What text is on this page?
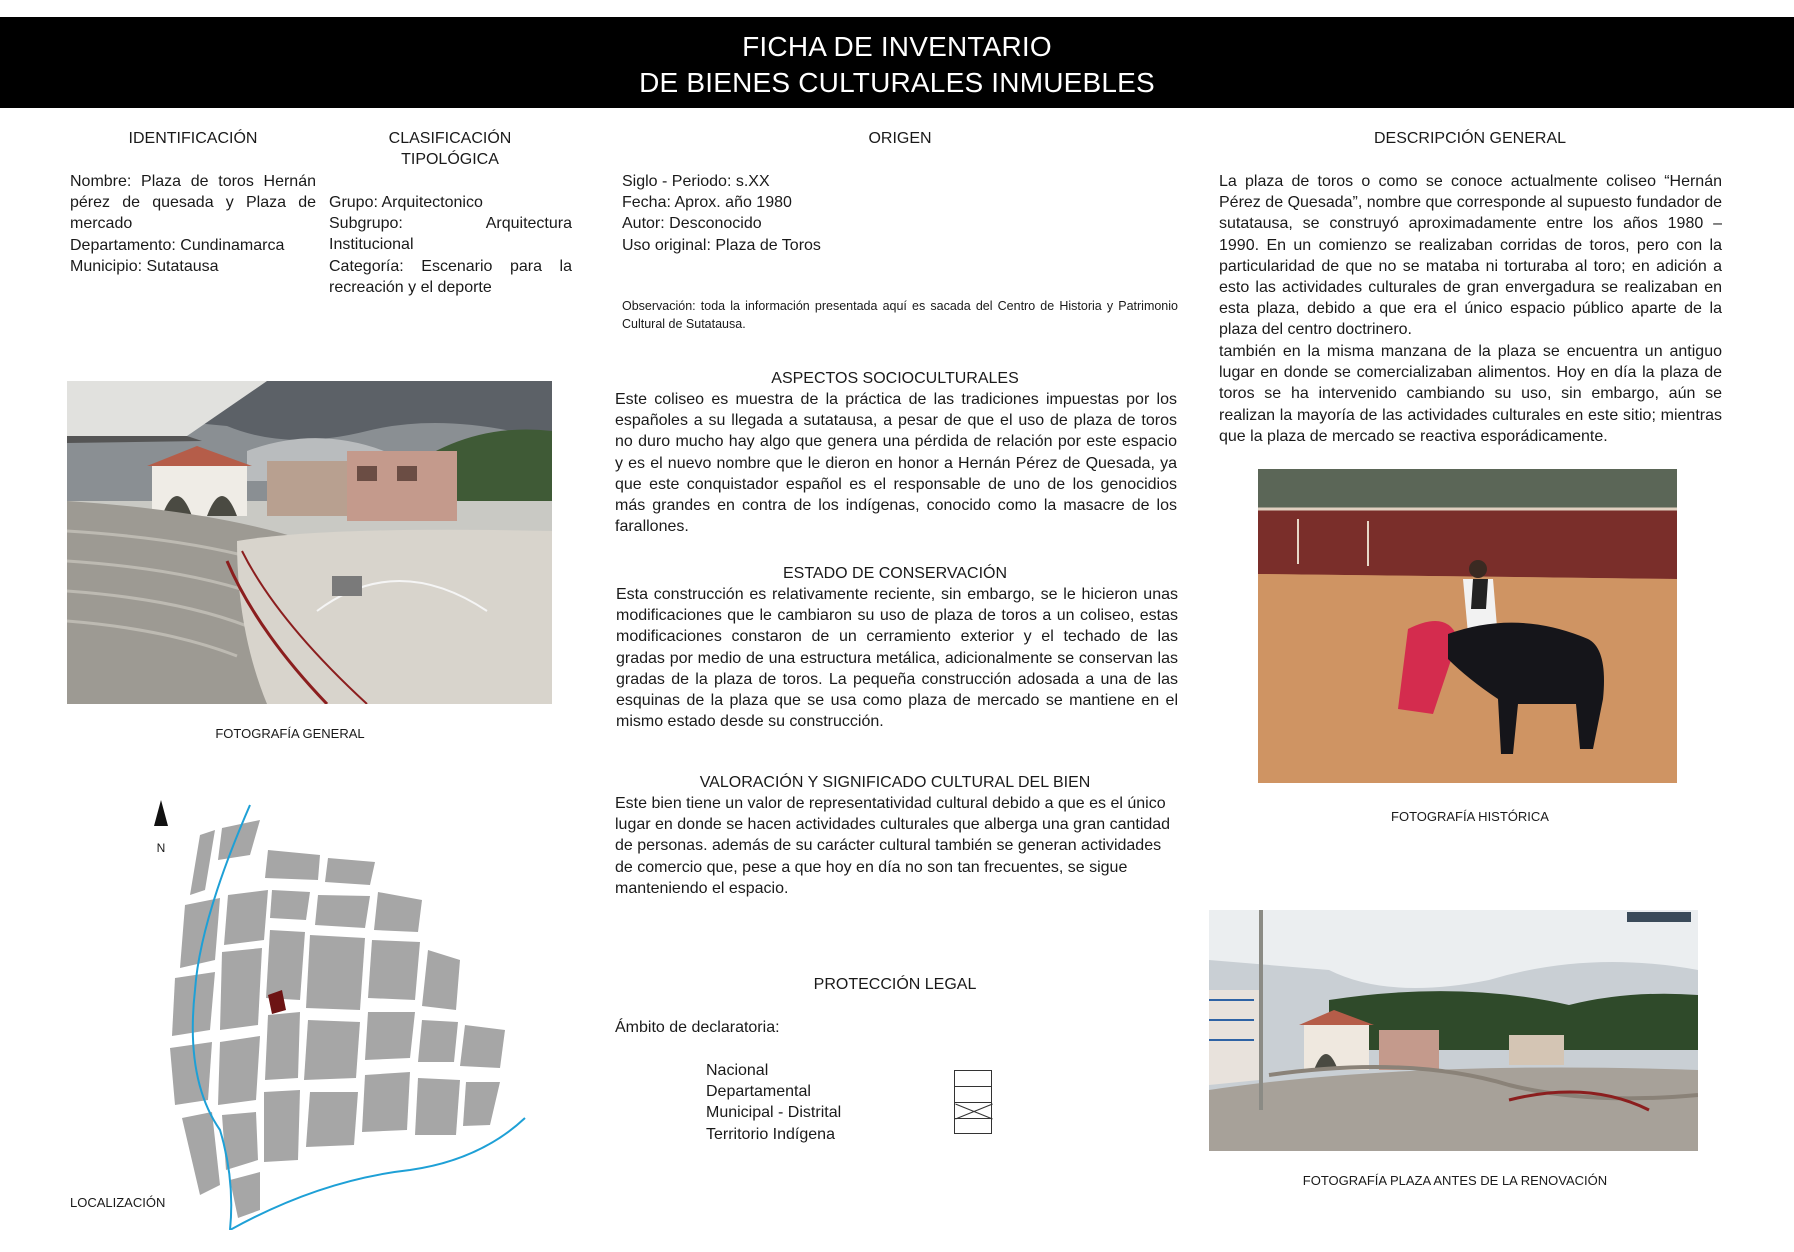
FICHA DE INVENTARIO
DE BIENES CULTURALES INMUEBLES
IDENTIFICACIÓN
Nombre: Plaza de toros Hernán pérez de quesada y Plaza de mercado
Departamento: Cundinamarca
Municipio: Sutatausa
CLASIFICACIÓN
TIPOLÓGICA
Grupo: Arquitectonico
Subgrupo: Arquitectura Institucional
Categoría: Escenario para la recreación y el deporte
ORIGEN
Siglo - Periodo: s.XX
Fecha: Aprox. año 1980
Autor: Desconocido
Uso original: Plaza de Toros
Observación: toda la información presentada aquí es sacada del Centro de Historia y Patrimonio Cultural de Sutatausa.
ASPECTOS SOCIOCULTURALES
Este coliseo es muestra de la práctica de las tradiciones impuestas por los españoles a su llegada a sutatausa, a pesar de que el uso de plaza de toros no duro mucho hay algo que genera una pérdida de relación por este espacio y es el nuevo nombre que le dieron en honor a Hernán Pérez de Quesada, ya que este conquistador español es el responsable de uno de los genocidios más grandes en contra de los indígenas, conocido como la masacre de los farallones.
ESTADO DE CONSERVACIÓN
Esta construcción es relativamente reciente, sin embargo, se le hicieron unas modificaciones que le cambiaron su uso de plaza de toros a un coliseo, estas modificaciones constaron de un cerramiento exterior y el techado de las gradas por medio de una estructura metálica, adicionalmente se conservan las gradas de la plaza de toros. La pequeña construcción adosada a una de las esquinas de la plaza que se usa como plaza de mercado se mantiene en el mismo estado desde su construcción.
VALORACIÓN Y SIGNIFICADO CULTURAL DEL BIEN
Este bien tiene un valor de representatividad cultural debido a que es el único lugar en donde se hacen actividades culturales que alberga una gran cantidad de personas. además de su carácter cultural también se generan actividades de comercio que, pese a que hoy en día no son tan frecuentes, se sigue manteniendo el espacio.
PROTECCIÓN LEGAL
Ámbito de declaratoria:
Nacional
Departamental
Municipal - Distrital
Territorio Indígena
DESCRIPCIÓN GENERAL
La plaza de toros o como se conoce actualmente coliseo “Hernán Pérez de Quesada”, nombre que corresponde al supuesto fundador de sutatausa, se construyó aproximadamente entre los años 1980 – 1990. En un comienzo se realizaban corridas de toros, pero con la particularidad de que no se mataba ni torturaba al toro; en adición a esto las actividades culturales de gran envergadura se realizaban en esta plaza, debido a que era el único espacio público aparte de la plaza del centro doctrinero.
también en la misma manzana de la plaza se encuentra un antiguo lugar en donde se comercializaban alimentos. Hoy en día la plaza de toros se ha intervenido cambiando su uso, sin embargo, aún se realizan la mayoría de las actividades culturales en este sitio; mientras que la plaza de mercado se reactiva esporádicamente.
FOTOGRAFÍA GENERAL
N
LOCALIZACIÓN
FOTOGRAFÍA HISTÓRICA
FOTOGRAFÍA PLAZA ANTES DE LA RENOVACIÓN
